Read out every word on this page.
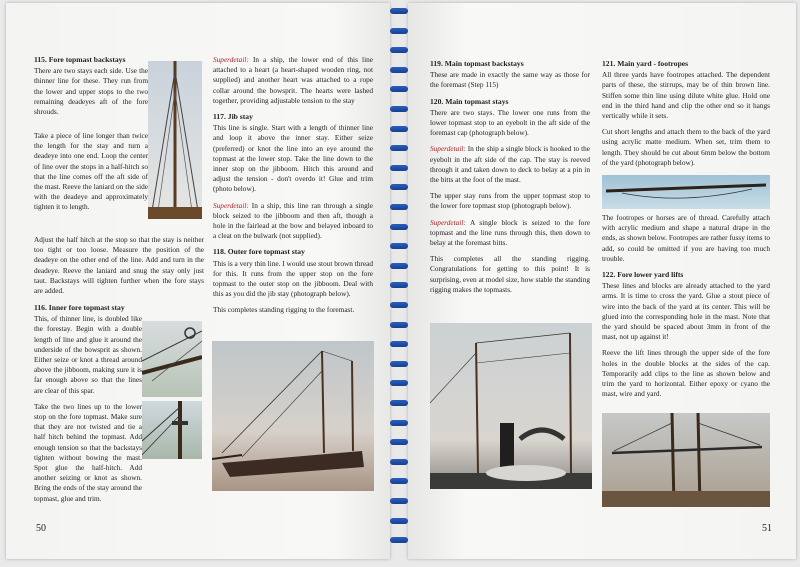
115. Fore topmast backstays

There are two stays each side. Use the thinner line for these. They run from the lower and upper stops to the two remaining deadeyes aft of the fore shrouds.

Take a piece of line longer than twice the length for the stay and turn a deadeye into one end. Loop the center of line over the stops in a half-hitch so that the line comes off the aft side of the mast. Reeve the laniard on the side with the deadeye and approximately tighten it to length.

Adjust the half hitch at the stop so that the stay is neither too tight or too loose. Measure the position of the deadeye on the other end of the line. Add and turn in the deadeye. Reeve the laniard and snug the stay only just taut. Backstays will tighten further when the fore stays are added.

116. Inner fore topmast stay

This, of thinner line, is doubled like the forestay. Begin with a double length of line and glue it around the underside of the bowsprit as shown. Either seize or knot a thread around above the jibboom, making sure it is far enough above so that the lines are clear of this spar.

Take the two lines up to the lower stop on the fore topmast. Make sure that they are not twisted and tie a half hitch behind the topmast. Add enough tension so that the backstays tighten without bowing the mast. Spot glue the half-hitch. Add another seizing or knot as shown. Bring the ends of the stay around the topmast, glue and trim.

Superdetail: In a ship, the lower end of this line attached to a heart (a heart-shaped wooden ring, not supplied) and another heart was attached to a rope collar around the bowsprit. The hearts were lashed together, providing adjustable tension to the stay

117. Jib stay

This line is single. Start with a length of thinner line and loop it above the inner stay. Either seize (preferred) or knot the line into an eye around the topmast at the lower stop. Take the line down to the inner stop on the jibboom. Hitch this around and adjust the tension - don't overdo it! Glue and trim (photo below).

Superdetail: In a ship, this line ran through a single block seized to the jibboom and then aft, though a hole in the fairlead at the bow and belayed inboard to a cleat on the bulwark (not supplied).

118. Outer fore topmast stay

This is a very thin line. I would use stout brown thread for this. It runs from the upper stop on the fore topmast to the outer stop on the jibboom. Deal with this as you did the jib stay (photograph below).

This completes standing rigging to the foremast.

50
119. Main topmast backstays

These are made in exactly the same way as those for the foremast (Step 115)

120. Main topmast stays

There are two stays. The lower one runs from the lower topmast stop to an eyebolt in the aft side of the foremast cap (photograph below).

Superdetail: In the ship a single block is hooked to the eyebolt in the aft side of the cap. The stay is reeved through it and taken down to deck to belay at a pin in the bitts at the foot of the mast.

The upper stay runs from the upper topmast stop to the lower fore topmast stop (photograph below).

Superdetail: A single block is seized to the fore topmast and the line runs through this, then down to belay at the foremast bitts.

This completes all the standing rigging. Congratulations for getting to this point! It is surprising, even at model size, how stable the standing rigging makes the topmasts.

121. Main yard - footropes

All three yards have footropes attached. The dependent parts of these, the stirrups, may be of thin brown line. Stiffen some thin line using dilute white glue. Hold one end in the third hand and clip the other end so it hangs vertically while it sets.

Cut short lengths and attach them to the back of the yard using acrylic matte medium. When set, trim them to length. They should be cut about 6mm below the bottom of the yard (photograph below).

The footropes or horses are of thread. Carefully attach with acrylic medium and shape a natural drape in the ends, as shown below. Footropes are rather fussy items to add, so could be omitted if you are having too much trouble.

122. Fore lower yard lifts

These lines and blocks are already attached to the yard arms. It is time to cross the yard. Glue a stout piece of wire into the back of the yard at its center. This will be glued into the corresponding hole in the mast. Note that the yard should be spaced about 3mm in front of the mast, not up against it!

Reeve the lift lines through the upper side of the fore holes in the double blocks at the sides of the cap. Temporarily add clips to the line as shown below and trim the yard to horizontal. Either epoxy or cyano the mast, wire and yard.

51
